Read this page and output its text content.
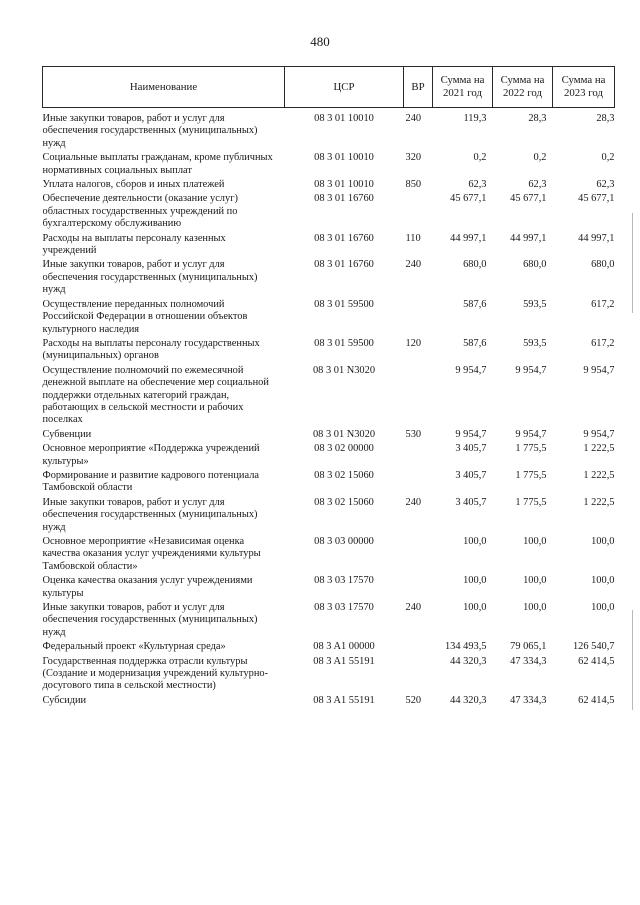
480
Наименование	ЦСР	ВР	Сумма на 2021 год	Сумма на 2022 год	Сумма на 2023 год
Иные закупки товаров, работ и услуг для обеспечения государственных (муниципальных) нужд	08 3 01 10010	240	119,3	28,3	28,3
Социальные выплаты гражданам, кроме публичных нормативных социальных выплат	08 3 01 10010	320	0,2	0,2	0,2
Уплата налогов, сборов и иных платежей	08 3 01 10010	850	62,3	62,3	62,3
Обеспечение деятельности (оказание услуг) областных государственных учреждений по бухгалтерскому обслуживанию	08 3 01 16760		45 677,1	45 677,1	45 677,1
Расходы на выплаты персоналу казенных учреждений	08 3 01 16760	110	44 997,1	44 997,1	44 997,1
Иные закупки товаров, работ и услуг для обеспечения государственных (муниципальных) нужд	08 3 01 16760	240	680,0	680,0	680,0
Осуществление переданных полномочий Российской Федерации в отношении объектов культурного наследия	08 3 01 59500		587,6	593,5	617,2
Расходы на выплаты персоналу государственных (муниципальных) органов	08 3 01 59500	120	587,6	593,5	617,2
Осуществление полномочий по ежемесячной денежной выплате на обеспечение мер социальной поддержки отдельных категорий граждан, работающих в сельской местности и рабочих поселках	08 3 01 N3020		9 954,7	9 954,7	9 954,7
Субвенции	08 3 01 N3020	530	9 954,7	9 954,7	9 954,7
Основное мероприятие «Поддержка учреждений культуры»	08 3 02 00000		3 405,7	1 775,5	1 222,5
Формирование и развитие кадрового потенциала Тамбовской области	08 3 02 15060		3 405,7	1 775,5	1 222,5
Иные закупки товаров, работ и услуг для обеспечения государственных (муниципальных) нужд	08 3 02 15060	240	3 405,7	1 775,5	1 222,5
Основное мероприятие «Независимая оценка качества оказания услуг учреждениями культуры Тамбовской области»	08 3 03 00000		100,0	100,0	100,0
Оценка качества оказания услуг учреждениями культуры	08 3 03 17570		100,0	100,0	100,0
Иные закупки товаров, работ и услуг для обеспечения государственных (муниципальных) нужд	08 3 03 17570	240	100,0	100,0	100,0
Федеральный проект «Культурная среда»	08 3 A1 00000		134 493,5	79 065,1	126 540,7
Государственная поддержка отрасли культуры (Создание и модернизация учреждений культурно-досугового типа в сельской местности)	08 3 A1 55191		44 320,3	47 334,3	62 414,5
Субсидии	08 3 A1 55191	520	44 320,3	47 334,3	62 414,5
